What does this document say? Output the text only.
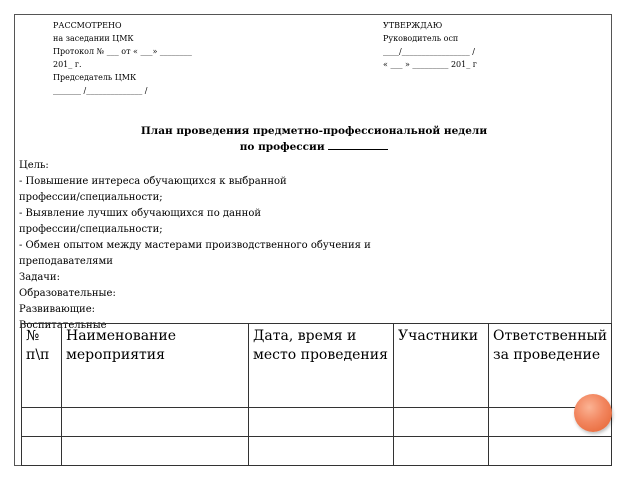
РАССМОТРЕНО
на заседании ЦМК
Протокол № ___ от « ___» ________
201_ г.
Председатель ЦМК
_______ /______________ /
УТВЕРЖДАЮ
Руководитель осп
____/_________________ /
« ___ » _________ 201_ г
План проведения предметно-профессиональной недели
по профессии
Цель:
- Повышение интереса обучающихся к выбранной
профессии/специальности;
- Выявление лучших обучающихся по данной
профессии/специальности;
- Обмен опытом между мастерами производственного обучения и
преподавателями
Задачи:
Образовательные:
Развивающие:
Воспитательные
№ п\п	Наименование мероприятия	Дата, время и место проведения	Участники	Ответственный за проведение
